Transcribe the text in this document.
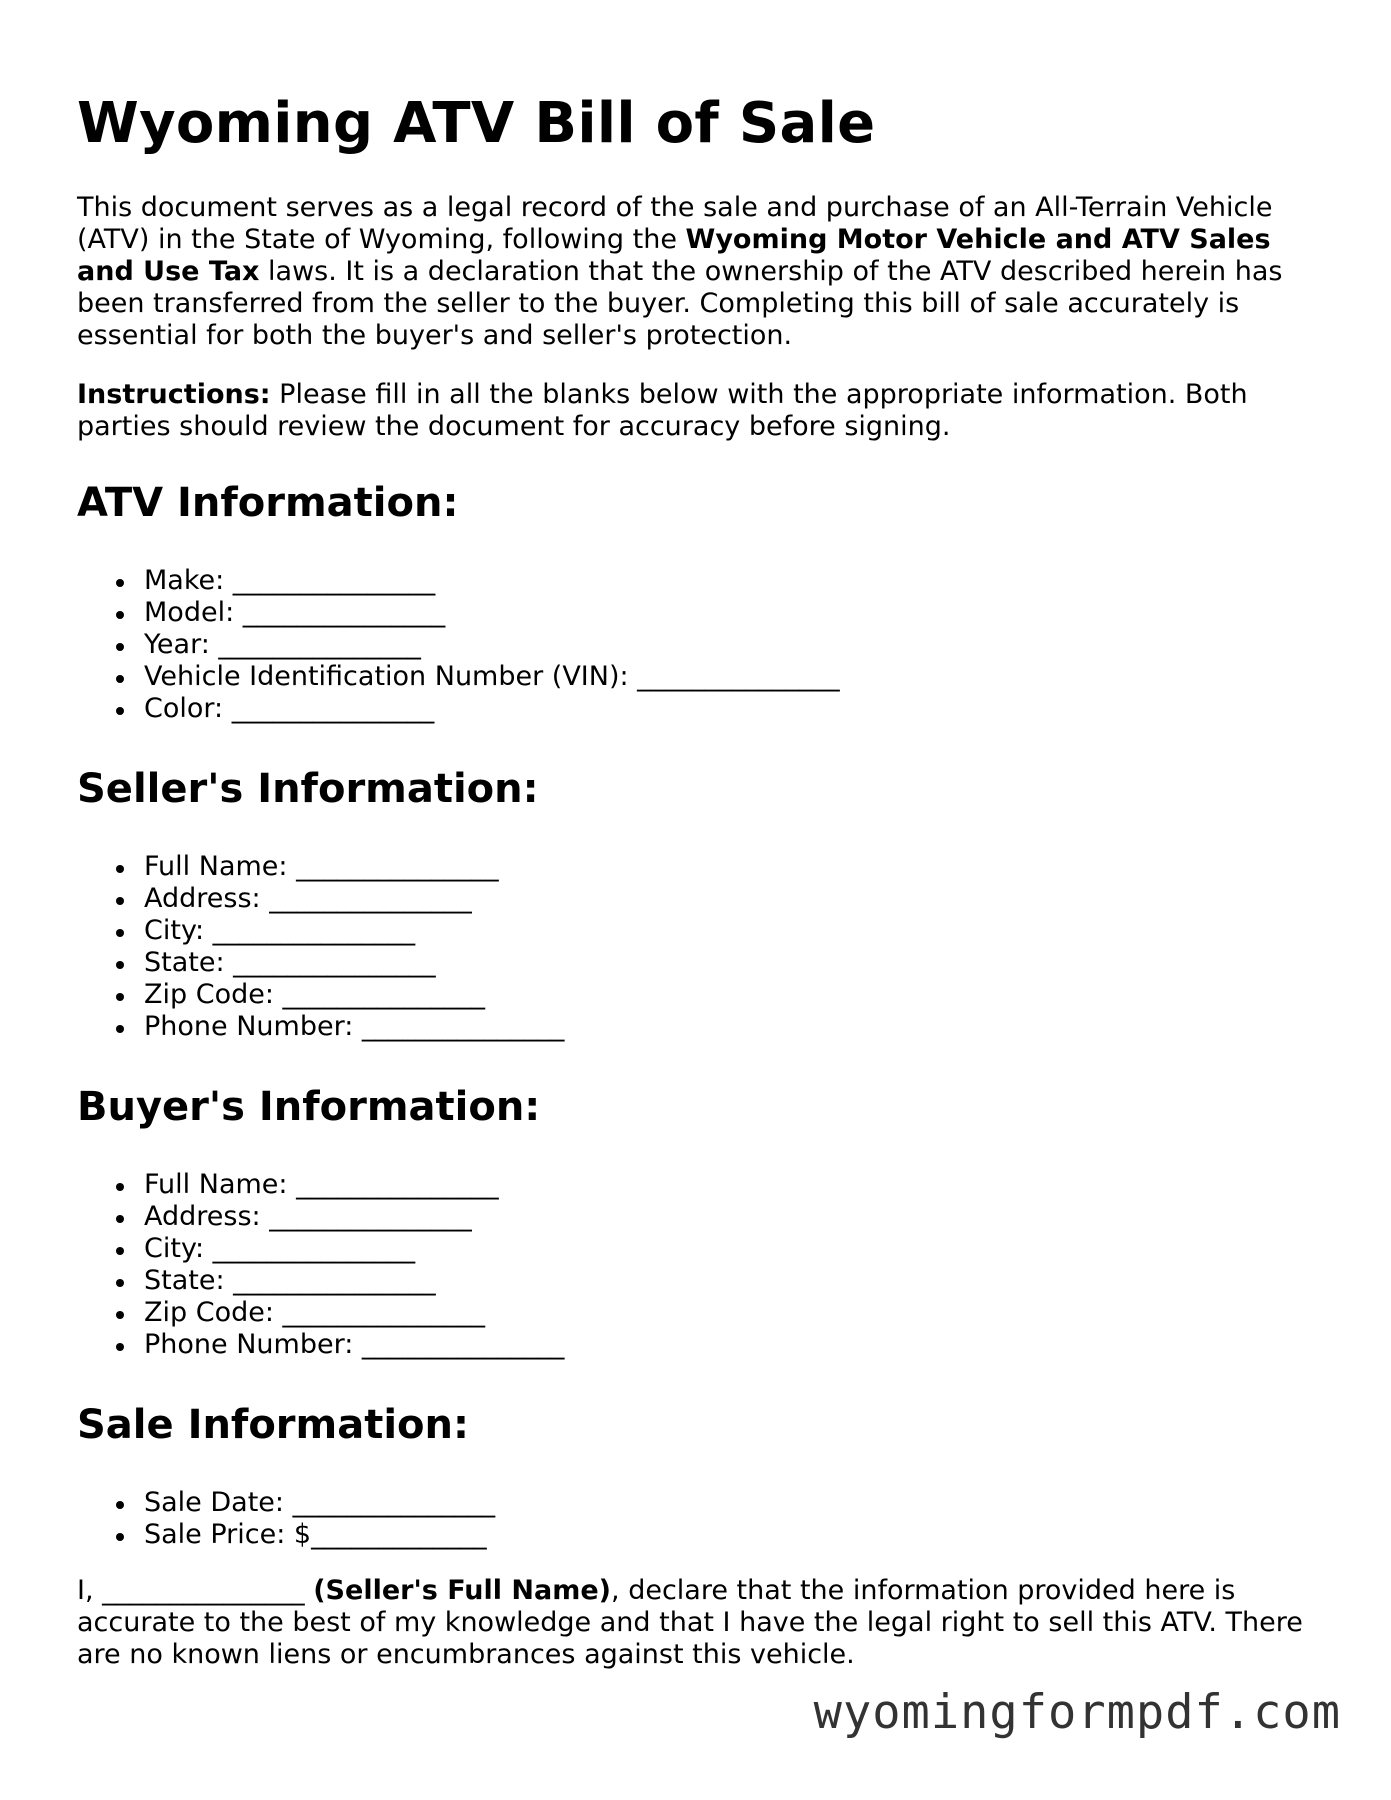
Wyoming ATV Bill of Sale

This document serves as a legal record of the sale and purchase of an All-Terrain Vehicle (ATV) in the State of Wyoming, following the Wyoming Motor Vehicle and ATV Sales and Use Tax laws. It is a declaration that the ownership of the ATV described herein has been transferred from the seller to the buyer. Completing this bill of sale accurately is essential for both the buyer's and seller's protection.

Instructions: Please fill in all the blanks below with the appropriate information. Both parties should review the document for accuracy before signing.

ATV Information:
Make: _______________
Model: _______________
Year: _______________
Vehicle Identification Number (VIN): _______________
Color: _______________
Seller's Information:
Full Name: _______________
Address: _______________
City: _______________
State: _______________
Zip Code: _______________
Phone Number: _______________
Buyer's Information:
Full Name: _______________
Address: _______________
City: _______________
State: _______________
Zip Code: _______________
Phone Number: _______________
Sale Information:
Sale Date: _______________
Sale Price: $_____________

I, _______________ (Seller's Full Name), declare that the information provided here is accurate to the best of my knowledge and that I have the legal right to sell this ATV. There are no known liens or encumbrances against this vehicle.

wyomingformpdf.com
